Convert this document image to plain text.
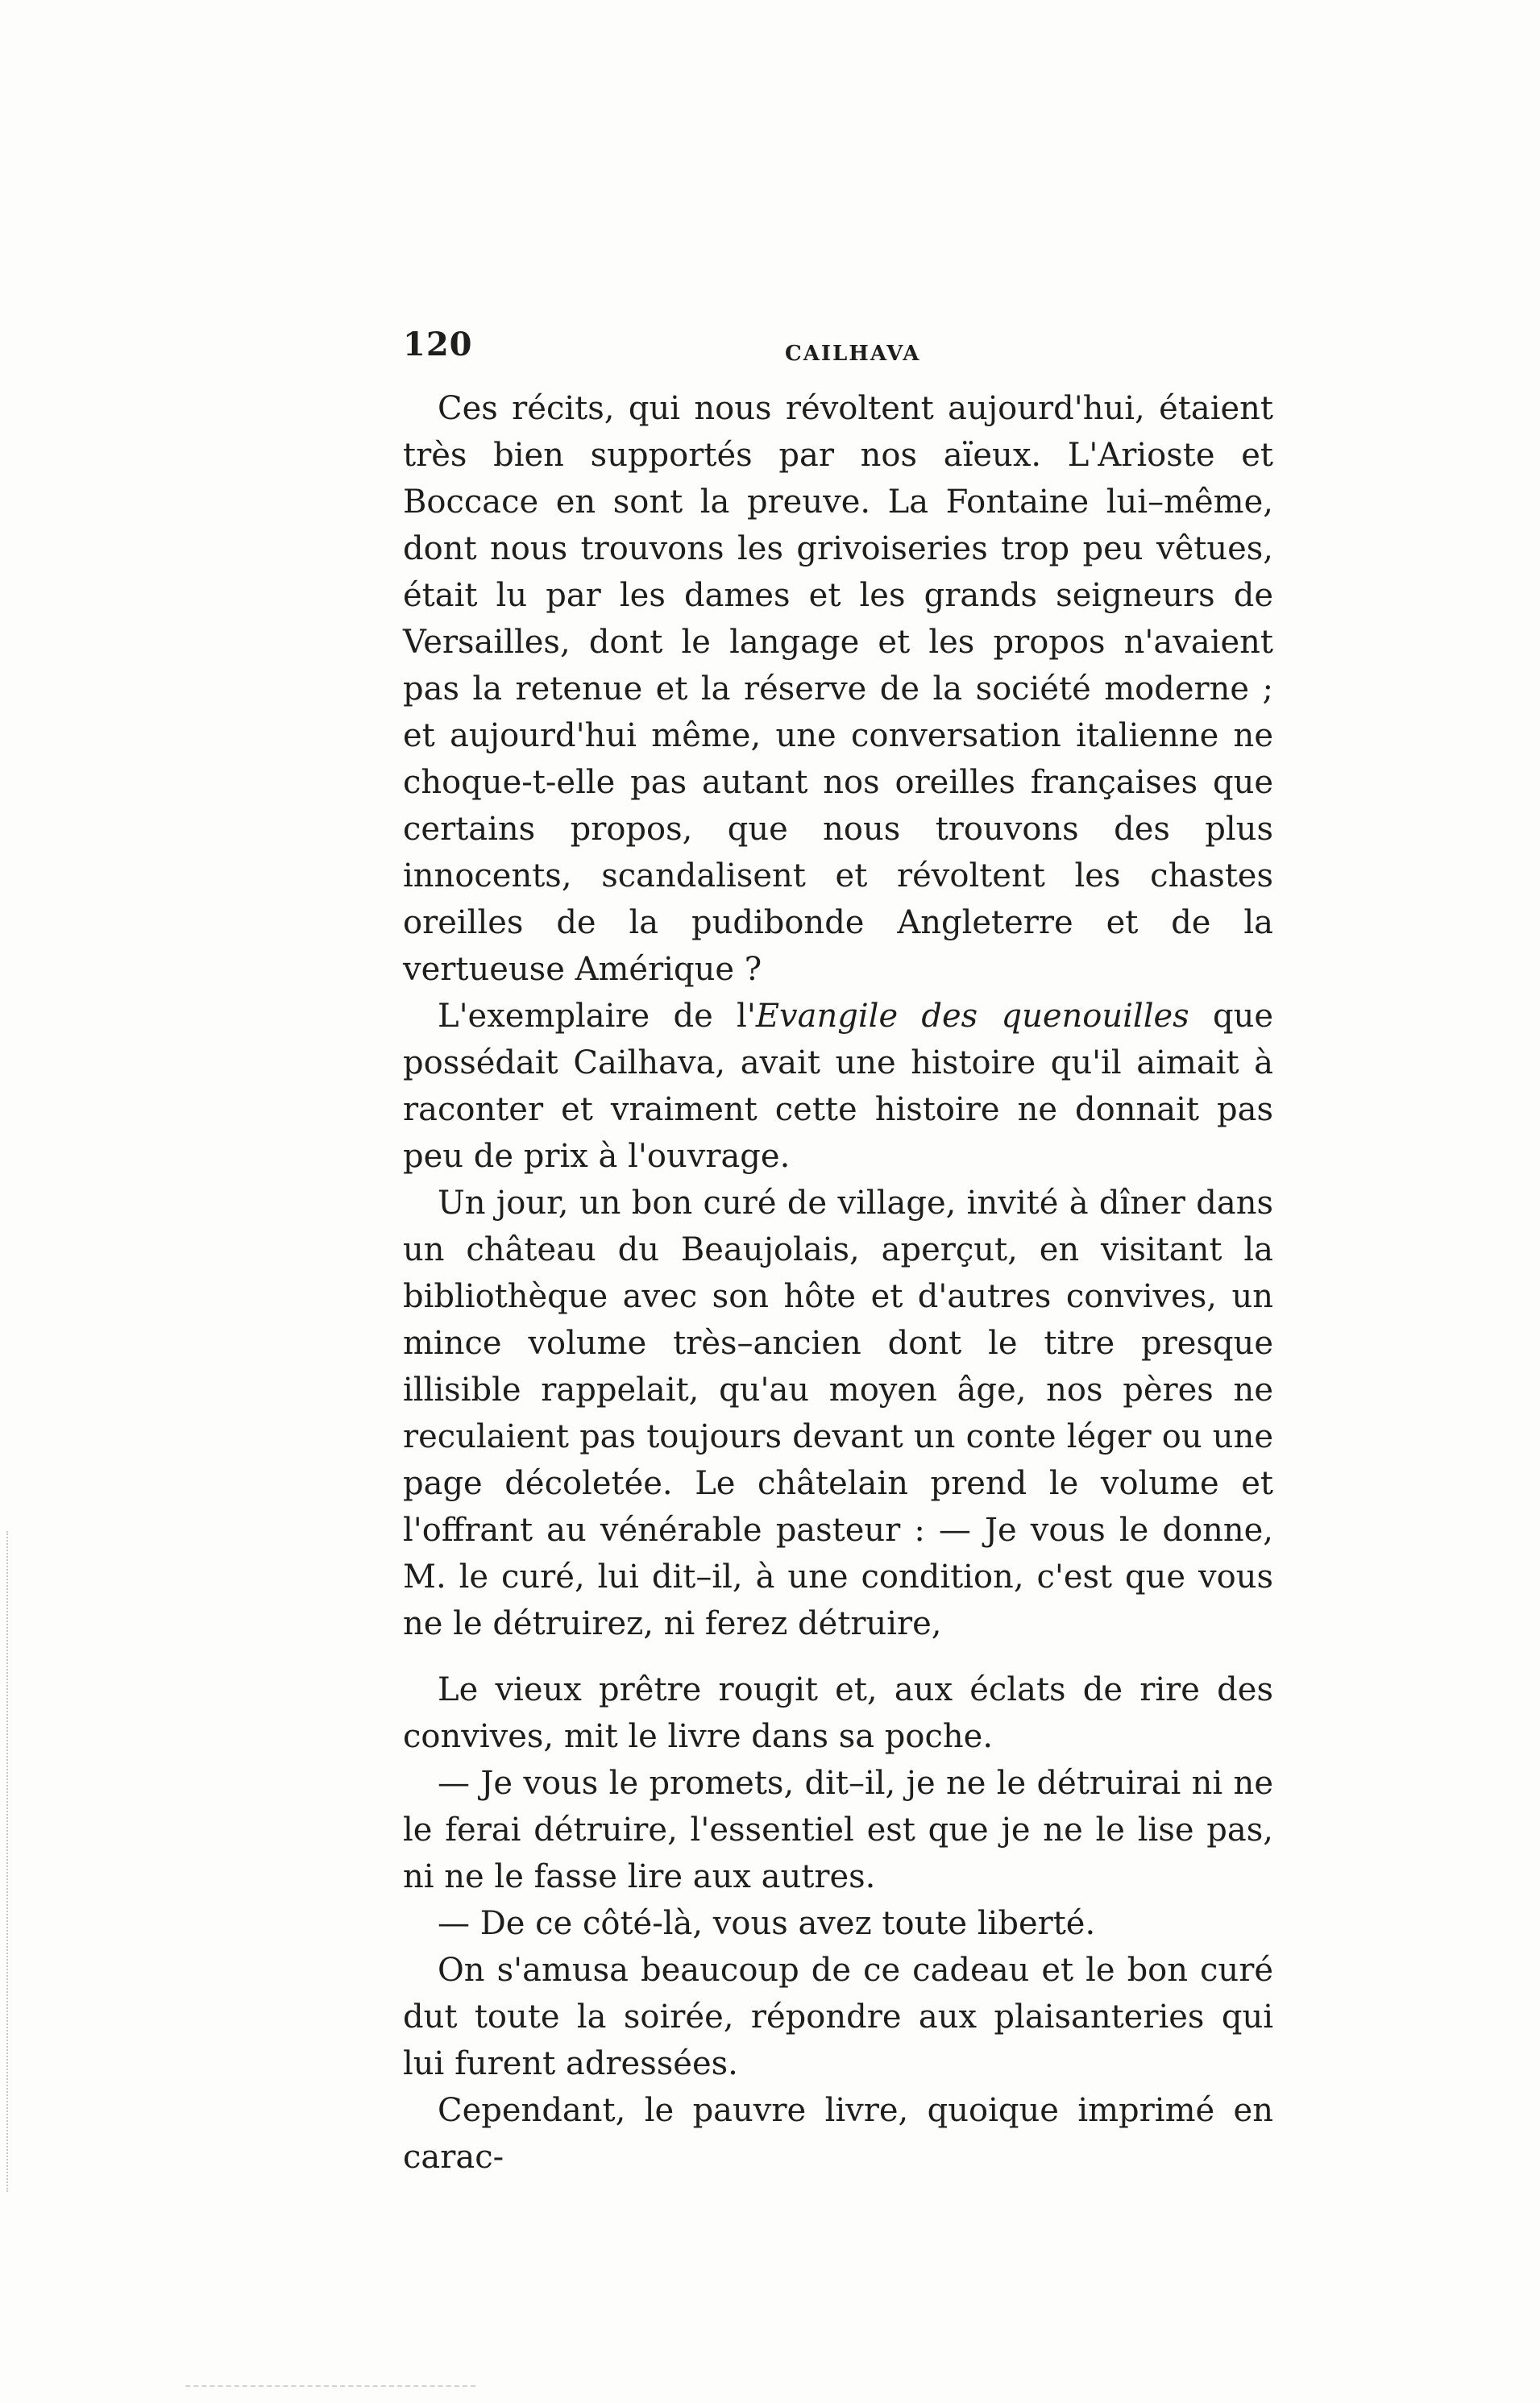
120	CAILHAVA

Ces récits, qui nous révoltent aujourd'hui, étaient très bien supportés par nos aïeux. L'Arioste et Boccace en sont la preuve. La Fontaine lui–même, dont nous trouvons les grivoiseries trop peu vêtues, était lu par les dames et les grands seigneurs de Versailles, dont le langage et les propos n'avaient pas la retenue et la réserve de la société moderne ; et aujourd'hui même, une conversation italienne ne choque-t-elle pas autant nos oreilles françaises que certains propos, que nous trouvons des plus innocents, scandalisent et révoltent les chastes oreilles de la pudibonde Angleterre et de la vertueuse Amérique ?

L'exemplaire de l'Evangile des quenouilles que possédait Cailhava, avait une histoire qu'il aimait à raconter et vraiment cette histoire ne donnait pas peu de prix à l'ouvrage.

Un jour, un bon curé de village, invité à dîner dans un château du Beaujolais, aperçut, en visitant la bibliothèque avec son hôte et d'autres convives, un mince volume très–ancien dont le titre presque illisible rappelait, qu'au moyen âge, nos pères ne reculaient pas toujours devant un conte léger ou une page décoletée. Le châtelain prend le volume et l'offrant au vénérable pasteur : — Je vous le donne, M. le curé, lui dit–il, à une condition, c'est que vous ne le détruirez, ni ferez détruire,

Le vieux prêtre rougit et, aux éclats de rire des convives, mit le livre dans sa poche.

— Je vous le promets, dit–il, je ne le détruirai ni ne le ferai détruire, l'essentiel est que je ne le lise pas, ni ne le fasse lire aux autres.

— De ce côté-là, vous avez toute liberté.

On s'amusa beaucoup de ce cadeau et le bon curé dut toute la soirée, répondre aux plaisanteries qui lui furent adressées.

Cependant, le pauvre livre, quoique imprimé en carac-
